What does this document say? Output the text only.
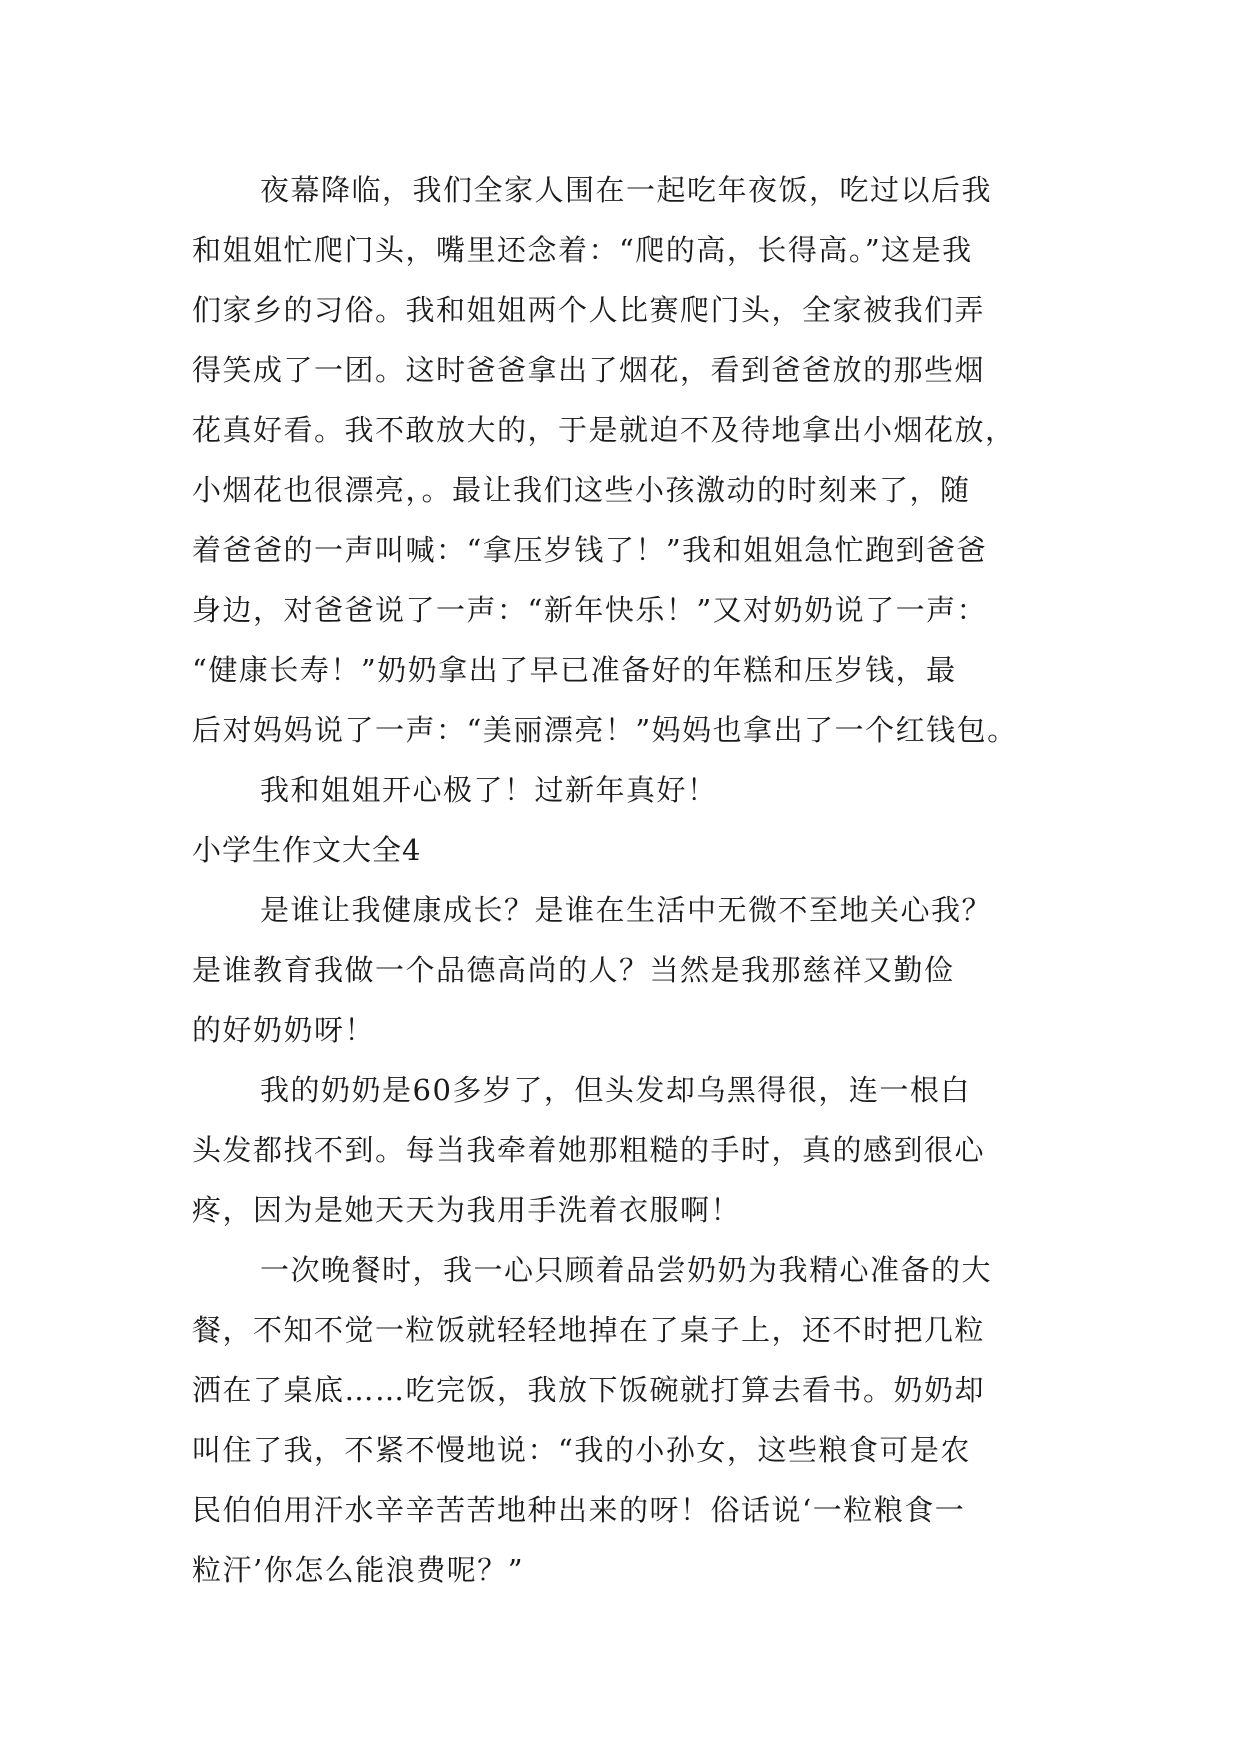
夜幕降临，我们全家人围在一起吃年夜饭，吃过以后我
和姐姐忙爬门头，嘴里还念着：“爬的高，长得高。”这是我
们家乡的习俗。我和姐姐两个人比赛爬门头，全家被我们弄
得笑成了一团。这时爸爸拿出了烟花，看到爸爸放的那些烟
花真好看。我不敢放大的，于是就迫不及待地拿出小烟花放，
小烟花也很漂亮，。最让我们这些小孩激动的时刻来了，随
着爸爸的一声叫喊：“拿压岁钱了！”我和姐姐急忙跑到爸爸
身边，对爸爸说了一声：“新年快乐！”又对奶奶说了一声：
“健康长寿！”奶奶拿出了早已准备好的年糕和压岁钱，最
后对妈妈说了一声：“美丽漂亮！”妈妈也拿出了一个红钱包。
我和姐姐开心极了！过新年真好！
小学生作文大全4
是谁让我健康成长？是谁在生活中无微不至地关心我？
是谁教育我做一个品德高尚的人？当然是我那慈祥又勤俭
的好奶奶呀！
我的奶奶是60多岁了，但头发却乌黑得很，连一根白
头发都找不到。每当我牵着她那粗糙的手时，真的感到很心
疼，因为是她天天为我用手洗着衣服啊！
一次晚餐时，我一心只顾着品尝奶奶为我精心准备的大
餐，不知不觉一粒饭就轻轻地掉在了桌子上，还不时把几粒
洒在了桌底……吃完饭，我放下饭碗就打算去看书。奶奶却
叫住了我，不紧不慢地说：“我的小孙女，这些粮食可是农
民伯伯用汗水辛辛苦苦地种出来的呀！俗话说‘一粒粮食一
粒汗’你怎么能浪费呢？”
